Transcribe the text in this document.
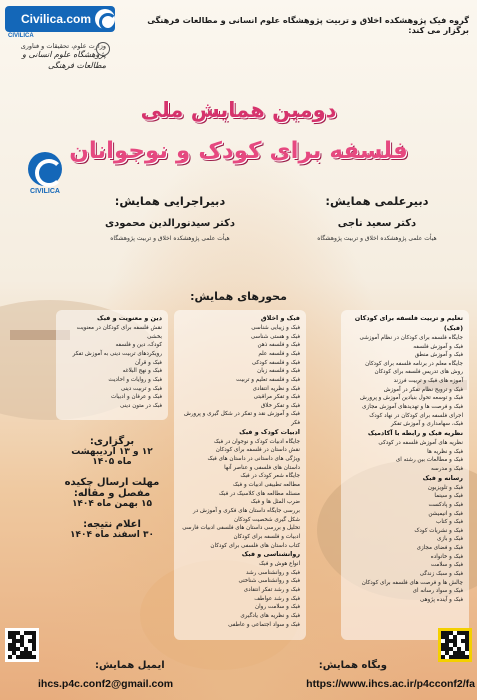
Civilica.com
CIVILICA
گروه فیک پژوهشکده اخلاق و تربیت پژوهشگاه علوم انسانی و مطالعات فرهنگی برگزار می کند:
وزارت علوم، تحقیقات و فناوری
پژوهشگاه علوم انسانی و مطالعات فرهنگی
دومین همایش ملی
فلسفه برای کودک و نوجوانان
CIVILICA
دبیرعلمی همایش:
دکتر سعید ناجی
هیأت علمی پژوهشکده اخلاق و تربیت پژوهشگاه
دبیراجرایی همایش:
دکتر سیدنورالدین محمودی
هیأت علمی پژوهشکده اخلاق و تربیت پژوهشگاه
محورهای همایش:
تعلیم و تربیت فلسفه برای کودکان (فبک)
جایگاه فلسفه برای کودکان در نظام آموزشی
فبک و آموزش فلسفه
فبک و آموزش منطق
جایگاه معلم در برنامه فلسفه برای کودکان
روش های تدریس فلسفه برای کودکان
آموزه های فبک و تربیت فرزند
فبک و ترویج نظام تفکر در آموزش
فبک و توسعه تحول بنیادین آموزش و پرورش
فبک و فرصت ها و تهدیدهای آموزش مجازی
اجرای فلسفه برای کودکان در نهاد کودک
فبک، سهامداری و آموزش تفکر
نظریه فبک و رابطه با آکادمیک
نظریه های آموزش فلسفه در کودکی
فبک و نظریه ها
فبک و مطالعات بین رشته ای
فبک و مدرسه
رسانه و فبک
فبک و تلویزیون
فبک و سینما
فبک و پادکست
فبک و انیمیشن
فبک و کتاب
فبک و نشریات کودک
فبک و بازی
فبک و فضای مجازی
فبک و خانواده
فبک و سلامت
فبک و سبک زندگی
چالش ها و فرصت های فلسفه برای کودکان
فبک و سواد رسانه ای
فبک و آینده پژوهی
فبک و اخلاق
فبک و زیبایی شناسی
فبک و هستی شناسی
فبک و فلسفه ذهن
فبک و فلسفه علم
فبک و فلسفه کودکی
فبک و فلسفه زبان
فبک و فلسفه تعلیم و تربیت
فبک و نظریه انتقادی
فبک و تفکر مراقبتی
فبک و تفکر خلاق
فبک و آموزش نقد و تفکر در شکل گیری و پرورش فکر
ادبیات کودک و فبک
جایگاه ادبیات کودک و نوجوان در فبک
نقش داستان در فلسفه برای کودکان
ویژگی های داستانی در داستان های فبک
داستان های فلسفی و عناصر آنها
جایگاه شعر کودک در فبک
مطالعه تطبیقی ادبیات و فبک
مسئله مطالعه های کلاسیک در فبک
ضرب المثل ها و فبک
بررسی جایگاه داستان های فکری و آموزش در شکل گیری شخصیت کودکان
تحلیل و بررسی داستان های فلسفی ادبیات فارسی
ادبیات و فلسفه برای کودکان
کتاب داستان های فلسفی برای کودکان
روانشناسی و فبک
انواع هوش و فبک
فبک و روانشناسی رشد
فبک و روانشناسی شناختی
فبک و رشد تفکر انتقادی
فبک و رشد عواطف
فبک و سلامت روان
فبک و نظریه های یادگیری
فبک و سواد اجتماعی و عاطفی
دین و معنویت و فبک
نقش فلسفه برای کودکان در معنویت بخشی
کودک، دین و فلسفه
رویکردهای تربیت دینی به آموزش تفکر
فبک و قرآن
فبک و نهج البلاغه
فبک و روایات و احادیث
فبک و تربیت دینی
فبک و عرفان و ادبیات
فبک در متون دینی
برگزاری:
۱۲ و ۱۳ اردیبهشت ماه ۱۴۰۵
مهلت ارسال چکیده مفصل و مقاله:
۱۵ بهمن ماه ۱۴۰۴
اعلام نتیجه:
۳۰ اسفند ماه ۱۴۰۴
ایمیل همایش:	وبگاه همایش:
ihcs.p4c.conf2@gmail.com	https://www.ihcs.ac.ir/p4cconf2/fa
